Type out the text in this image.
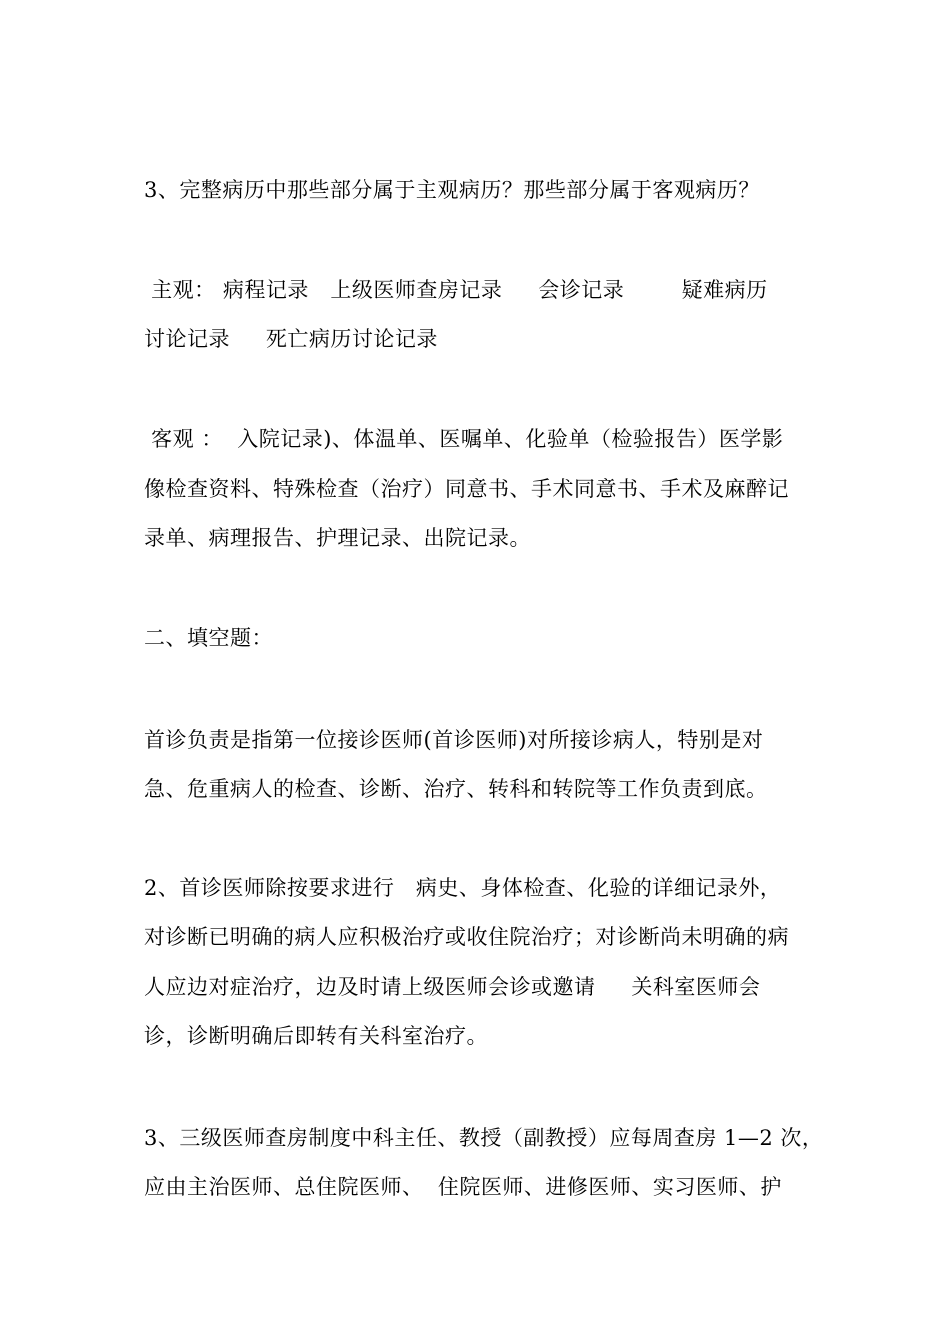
3、完整病历中那些部分属于主观病历？那些部分属于客观病历？
主观： 病程记录   上级医师查房记录     会诊记录        疑难病历
讨论记录     死亡病历讨论记录
客观 ：  入院记录)、体温单、医嘱单、化验单（检验报告）医学影
像检查资料、特殊检查（治疗）同意书、手术同意书、手术及麻醉记
录单、病理报告、护理记录、出院记录。
二、填空题：
首诊负责是指第一位接诊医师(首诊医师)对所接诊病人，特别是对
急、危重病人的检查、诊断、治疗、转科和转院等工作负责到底。
2、首诊医师除按要求进行   病史、身体检查、化验的详细记录外，
对诊断已明确的病人应积极治疗或收住院治疗；对诊断尚未明确的病
人应边对症治疗，边及时请上级医师会诊或邀请     关科室医师会
诊，诊断明确后即转有关科室治疗。
3、三级医师查房制度中科主任、教授（副教授）应每周查房 1—2 次，
应由主治医师、总住院医师、  住院医师、进修医师、实习医师、护
